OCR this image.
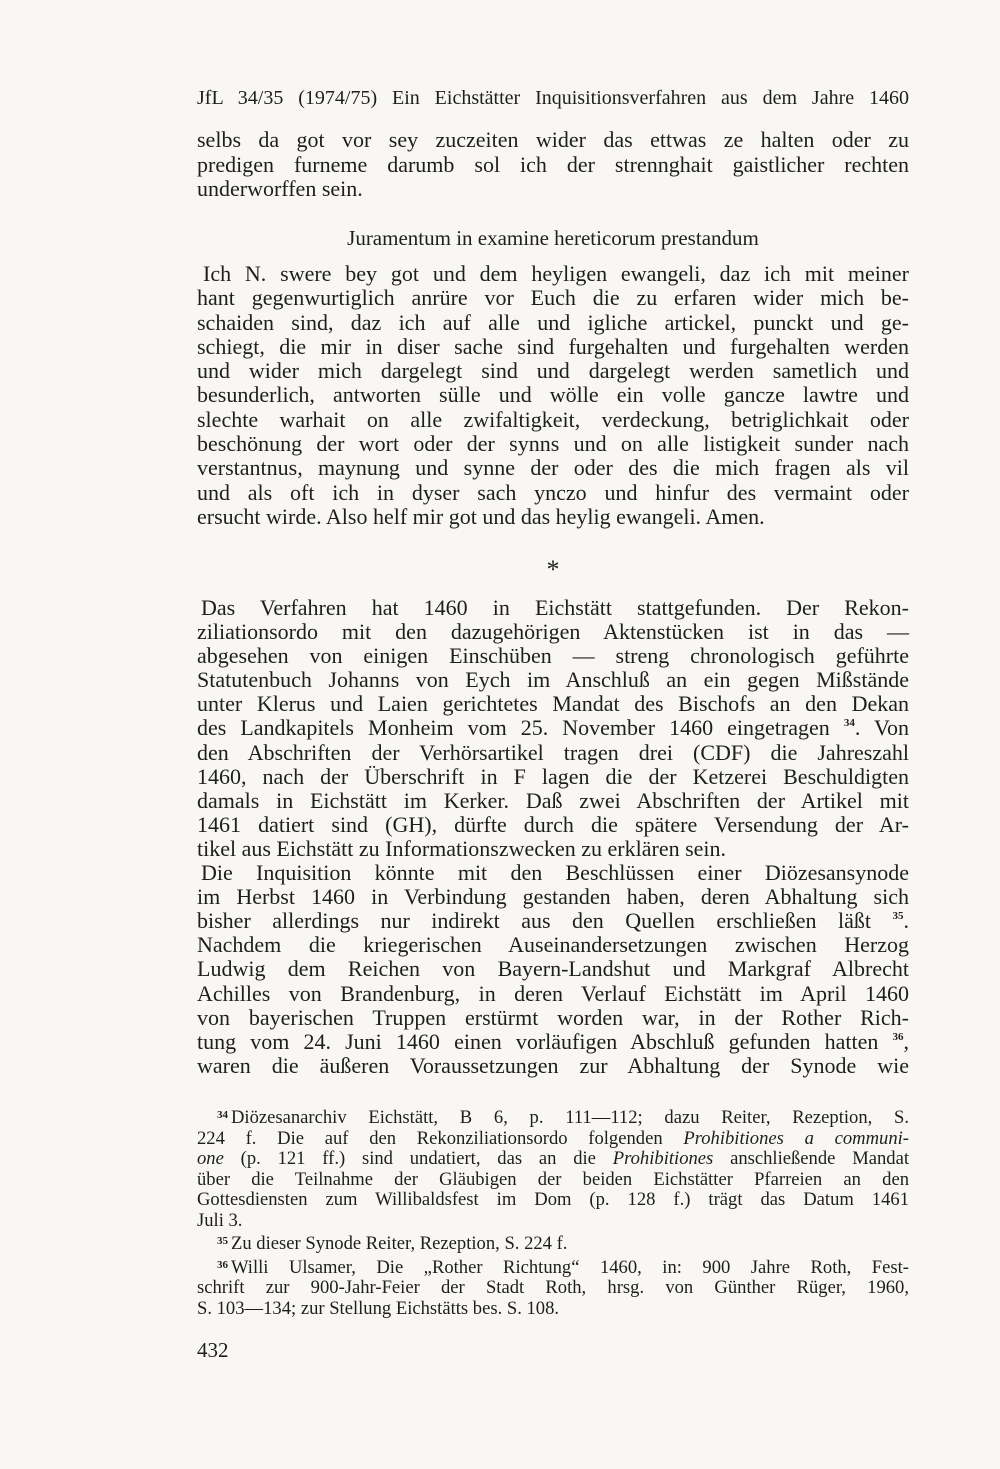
JfL 34/35 (1974/75) Ein Eichstätter Inquisitionsverfahren aus dem Jahre 1460
selbs da got vor sey zuczeiten wider das ettwas ze halten oder zu
predigen furneme darumb sol ich der strennghait gaistlicher rechten
underworffen sein.
Juramentum in examine hereticorum prestandum
Ich N. swere bey got und dem heyligen ewangeli, daz ich mit meiner
hant gegenwurtiglich anrüre vor Euch die zu erfaren wider mich be-
schaiden sind, daz ich auf alle und igliche artickel, punckt und ge-
schiegt, die mir in diser sache sind furgehalten und furgehalten werden
und wider mich dargelegt sind und dargelegt werden sametlich und
besunderlich, antworten sülle und wölle ein volle gancze lawtre und
slechte warhait on alle zwifaltigkeit, verdeckung, betriglichkait oder
beschönung der wort oder der synns und on alle listigkeit sunder nach
verstantnus, maynung und synne der oder des die mich fragen als vil
und als oft ich in dyser sach ynczo und hinfur des vermaint oder
ersucht wirde. Also helf mir got und das heylig ewangeli. Amen.
*
Das Verfahren hat 1460 in Eichstätt stattgefunden. Der Rekon-
ziliationsordo mit den dazugehörigen Aktenstücken ist in das —
abgesehen von einigen Einschüben — streng chronologisch geführte
Statutenbuch Johanns von Eych im Anschluß an ein gegen Mißstände
unter Klerus und Laien gerichtetes Mandat des Bischofs an den Dekan
des Landkapitels Monheim vom 25. November 1460 eingetragen $^{34}$. Von
den Abschriften der Verhörsartikel tragen drei (CDF) die Jahreszahl
1460, nach der Überschrift in F lagen die der Ketzerei Beschuldigten
damals in Eichstätt im Kerker. Daß zwei Abschriften der Artikel mit
1461 datiert sind (GH), dürfte durch die spätere Versendung der Ar-
tikel aus Eichstätt zu Informationszwecken zu erklären sein.
Die Inquisition könnte mit den Beschlüssen einer Diözesansynode
im Herbst 1460 in Verbindung gestanden haben, deren Abhaltung sich
bisher allerdings nur indirekt aus den Quellen erschließen läßt $^{35}$.
Nachdem die kriegerischen Auseinandersetzungen zwischen Herzog
Ludwig dem Reichen von Bayern-Landshut und Markgraf Albrecht
Achilles von Brandenburg, in deren Verlauf Eichstätt im April 1460
von bayerischen Truppen erstürmt worden war, in der Rother Rich-
tung vom 24. Juni 1460 einen vorläufigen Abschluß gefunden hatten $^{36}$,
waren die äußeren Voraussetzungen zur Abhaltung der Synode wie
$^{34}$ Diözesanarchiv Eichstätt, B 6, p. 111—112; dazu Reiter, Rezeption, S.
224 f. Die auf den Rekonziliationsordo folgenden Prohibitiones a communi-
one (p. 121 ff.) sind undatiert, das an die Prohibitiones anschließende Mandat
über die Teilnahme der Gläubigen der beiden Eichstätter Pfarreien an den
Gottesdiensten zum Willibaldsfest im Dom (p. 128 f.) trägt das Datum 1461
Juli 3.
$^{35}$ Zu dieser Synode Reiter, Rezeption, S. 224 f.
$^{36}$ Willi Ulsamer, Die „Rother Richtung“ 1460, in: 900 Jahre Roth, Fest-
schrift zur 900-Jahr-Feier der Stadt Roth, hrsg. von Günther Rüger, 1960,
S. 103—134; zur Stellung Eichstätts bes. S. 108.
432
